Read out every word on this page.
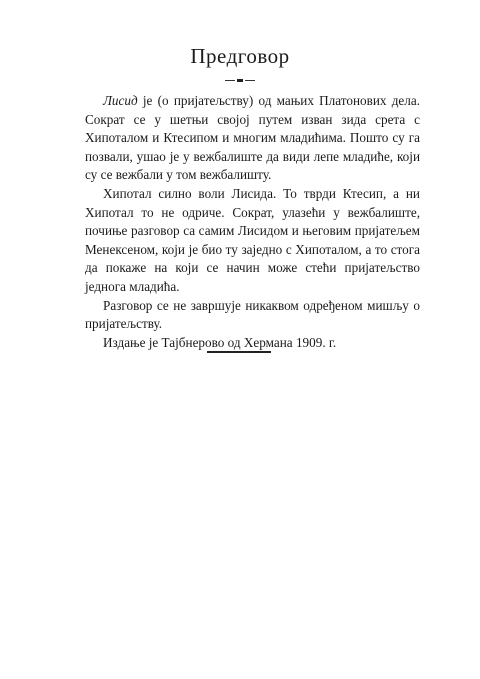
Предговор

Лисид је (о пријатељству) од мањих Платонових дела. Сократ се у шетњи својој путем изван зида срета с Хипоталом и Ктесипом и многим младићима. Пошто су га позвали, ушао је у вежбалиште да види лепе младиће, који су се вежбали у том вежбалишту.

Хипотал силно воли Лисида. То тврди Ктесип, а ни Хипотал то не одриче. Сократ, улазећи у вежбалиште, почиње разговор са самим Лисидом и његовим пријатељем Менексеном, који је био ту заједно с Хипоталом, а то стога да покаже на који се начин може стећи пријатељство једнога младића.

Разговор се не завршује никаквом одређеном мишљу о пријатељству.

Издање је Тајбнерово од Хермана 1909. г.
